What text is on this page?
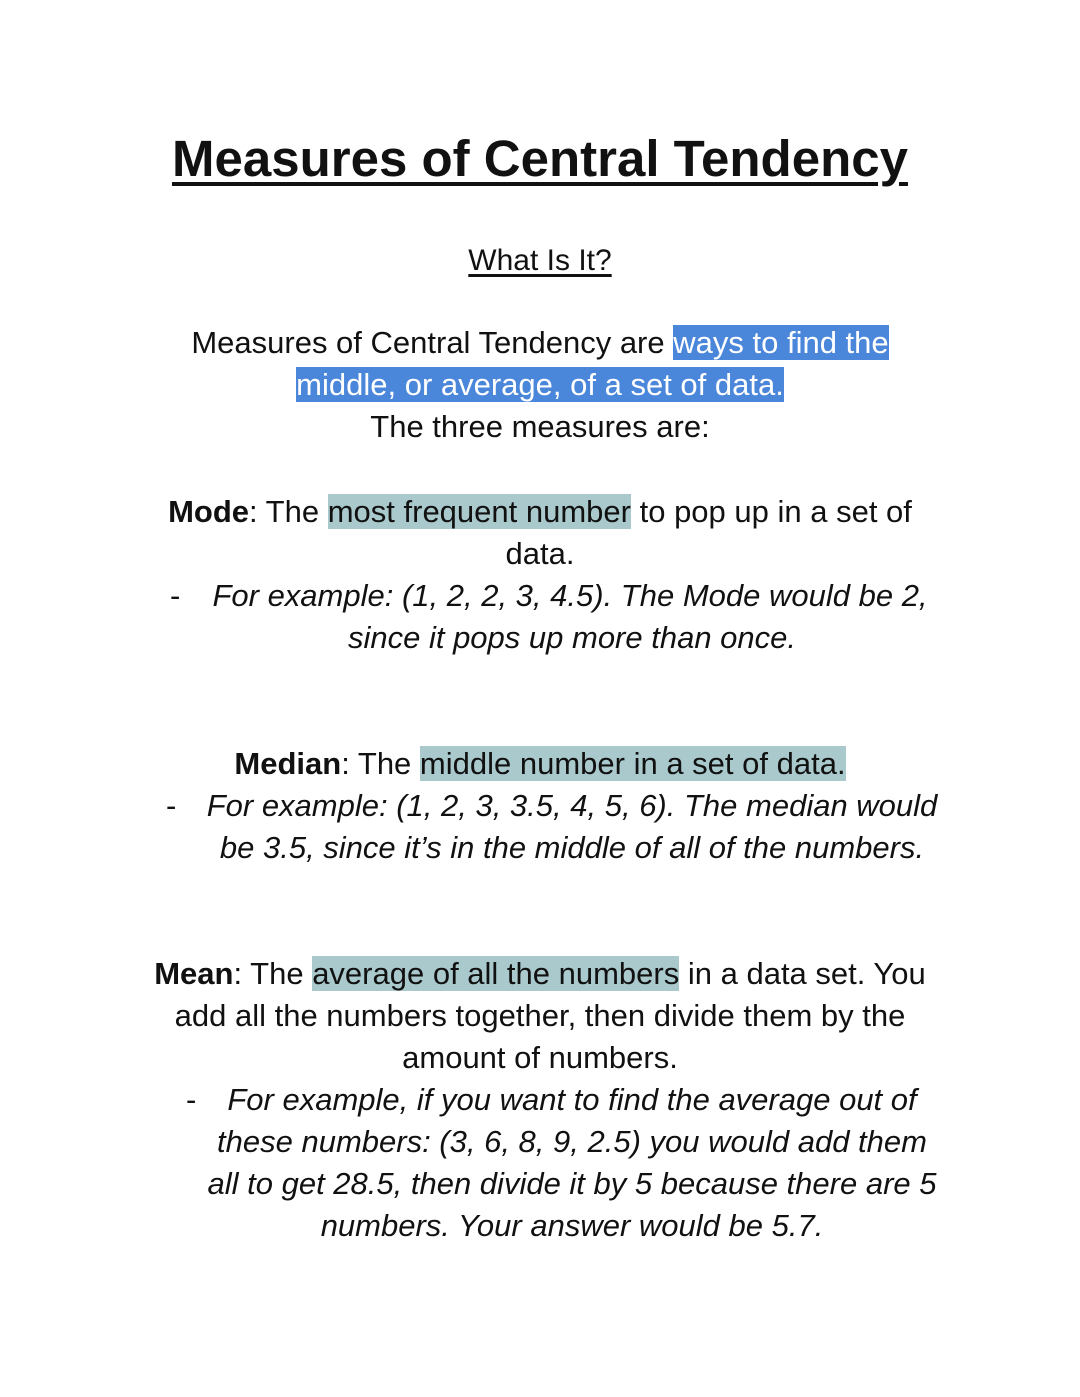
Measures of Central Tendency
What Is It?
Measures of Central Tendency are ways to find the
middle, or average, of a set of data.
The three measures are:
Mode: The most frequent number to pop up in a set of
data.
-	For example: (1, 2, 2, 3, 4.5). The Mode would be 2,
since it pops up more than once.
Median: The middle number in a set of data.
- For example: (1, 2, 3, 3.5, 4, 5, 6). The median would
be 3.5, since it’s in the middle of all of the numbers.
Mean: The average of all the numbers in a data set. You
add all the numbers together, then divide them by the
amount of numbers.
-	For example, if you want to find the average out of
these numbers: (3, 6, 8, 9, 2.5) you would add them
all to get 28.5, then divide it by 5 because there are 5
numbers. Your answer would be 5.7.
